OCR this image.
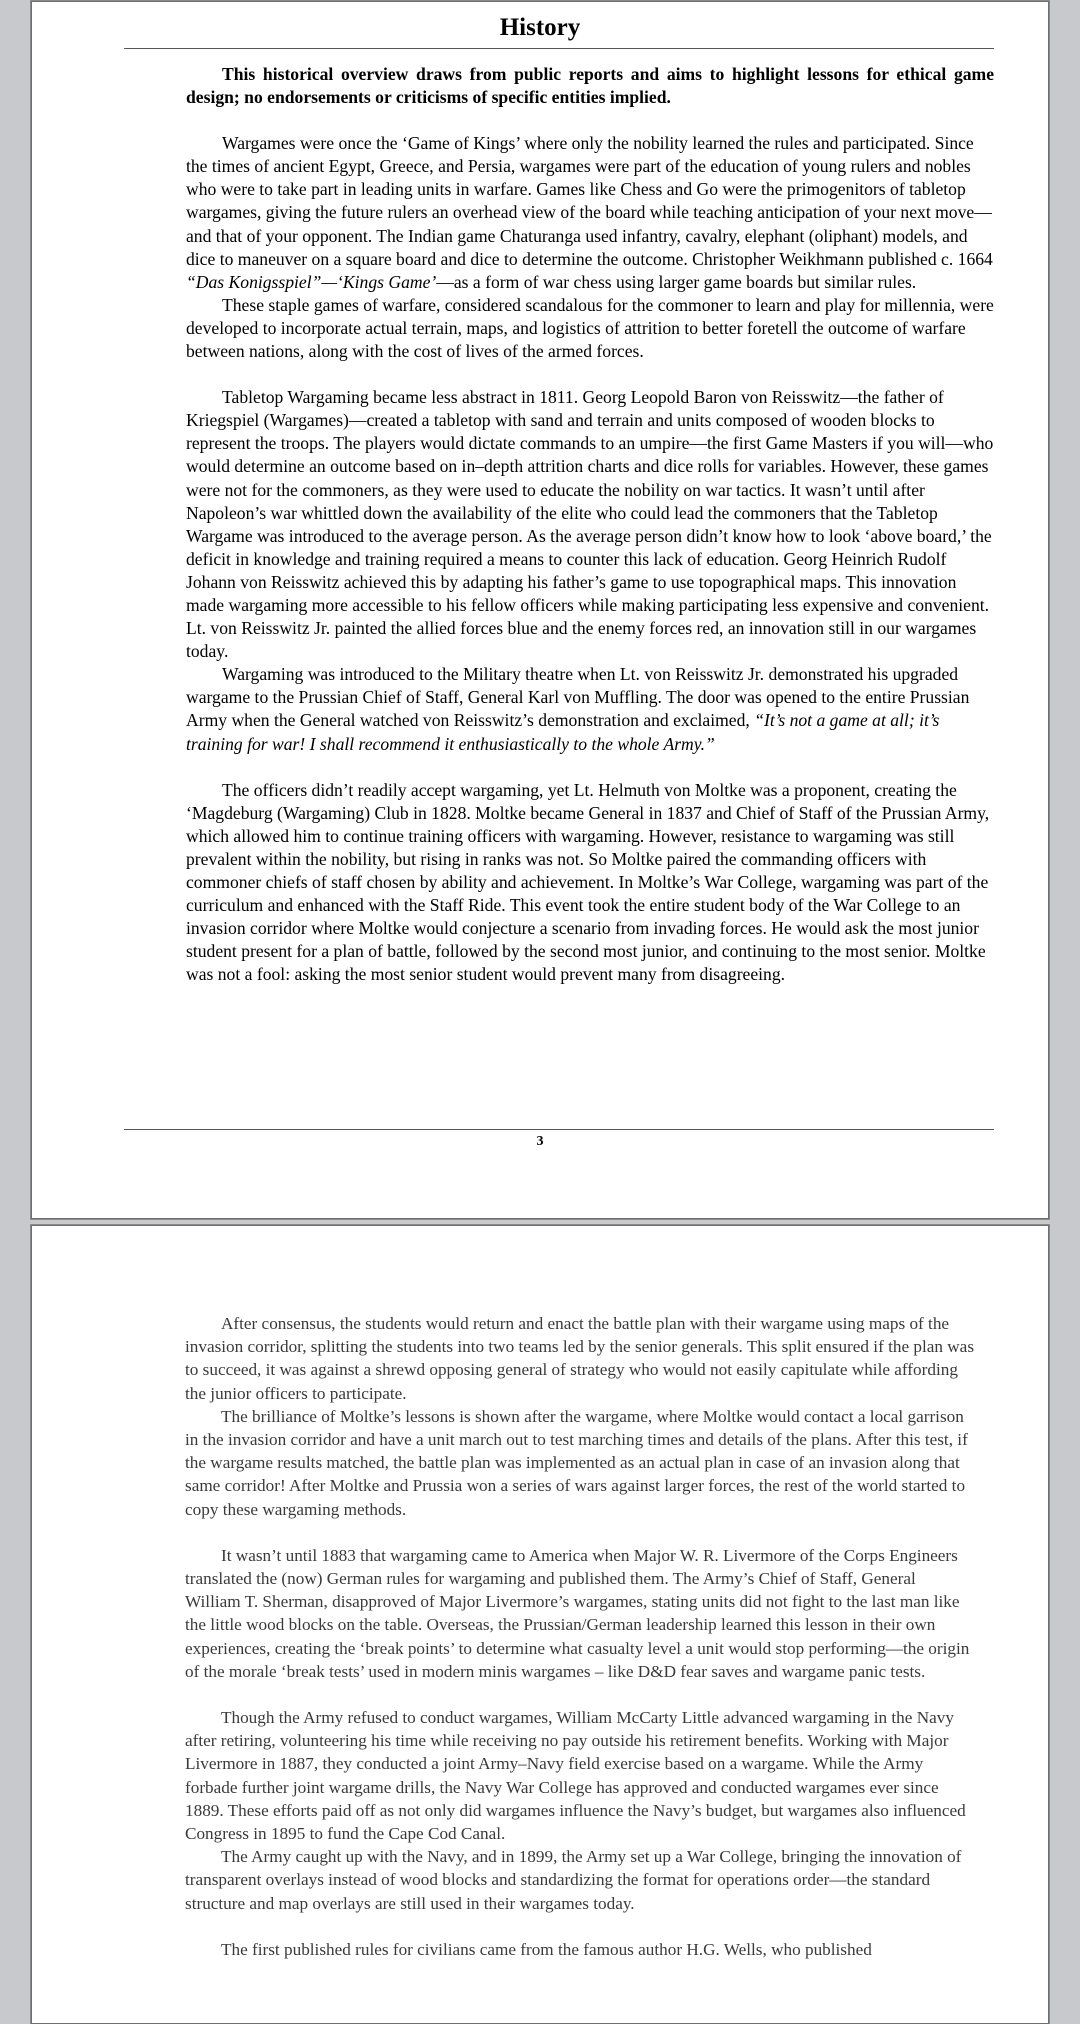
History

This historical overview draws from public reports and aims to highlight lessons for ethical game design; no endorsements or criticisms of specific entities implied.

Wargames were once the ‘Game of Kings’ where only the nobility learned the rules and participated. Since the times of ancient Egypt, Greece, and Persia, wargames were part of the education of young rulers and nobles who were to take part in leading units in warfare. Games like Chess and Go were the primogenitors of tabletop wargames, giving the future rulers an overhead view of the board while teaching anticipation of your next move—and that of your opponent. The Indian game Chaturanga used infantry, cavalry, elephant (oliphant) models, and dice to maneuver on a square board and dice to determine the outcome. Christopher Weikhmann published c. 1664 “Das Konigsspiel”—‘Kings Game’—as a form of war chess using larger game boards but similar rules.

These staple games of warfare, considered scandalous for the commoner to learn and play for millennia, were developed to incorporate actual terrain, maps, and logistics of attrition to better foretell the outcome of warfare between nations, along with the cost of lives of the armed forces.

Tabletop Wargaming became less abstract in 1811. Georg Leopold Baron von Reisswitz—the father of Kriegspiel (Wargames)—created a tabletop with sand and terrain and units composed of wooden blocks to represent the troops. The players would dictate commands to an umpire—the first Game Masters if you will—who would determine an outcome based on in–depth attrition charts and dice rolls for variables. However, these games were not for the commoners, as they were used to educate the nobility on war tactics. It wasn’t until after Napoleon’s war whittled down the availability of the elite who could lead the commoners that the Tabletop Wargame was introduced to the average person. As the average person didn’t know how to look ‘above board,’ the deficit in knowledge and training required a means to counter this lack of education. Georg Heinrich Rudolf Johann von Reisswitz achieved this by adapting his father’s game to use topographical maps. This innovation made wargaming more accessible to his fellow officers while making participating less expensive and convenient. Lt. von Reisswitz Jr. painted the allied forces blue and the enemy forces red, an innovation still in our wargames today.

Wargaming was introduced to the Military theatre when Lt. von Reisswitz Jr. demonstrated his upgraded wargame to the Prussian Chief of Staff, General Karl von Muffling. The door was opened to the entire Prussian Army when the General watched von Reisswitz’s demonstration and exclaimed, “It’s not a game at all; it’s training for war! I shall recommend it enthusiastically to the whole Army.”

The officers didn’t readily accept wargaming, yet Lt. Helmuth von Moltke was a proponent, creating the ‘Magdeburg (Wargaming) Club in 1828. Moltke became General in 1837 and Chief of Staff of the Prussian Army, which allowed him to continue training officers with wargaming. However, resistance to wargaming was still prevalent within the nobility, but rising in ranks was not. So Moltke paired the commanding officers with commoner chiefs of staff chosen by ability and achievement. In Moltke’s War College, wargaming was part of the curriculum and enhanced with the Staff Ride. This event took the entire student body of the War College to an invasion corridor where Moltke would conjecture a scenario from invading forces. He would ask the most junior student present for a plan of battle, followed by the second most junior, and continuing to the most senior. Moltke was not a fool: asking the most senior student would prevent many from disagreeing.

3

After consensus, the students would return and enact the battle plan with their wargame using maps of the invasion corridor, splitting the students into two teams led by the senior generals. This split ensured if the plan was to succeed, it was against a shrewd opposing general of strategy who would not easily capitulate while affording the junior officers to participate.

The brilliance of Moltke’s lessons is shown after the wargame, where Moltke would contact a local garrison in the invasion corridor and have a unit march out to test marching times and details of the plans. After this test, if the wargame results matched, the battle plan was implemented as an actual plan in case of an invasion along that same corridor! After Moltke and Prussia won a series of wars against larger forces, the rest of the world started to copy these wargaming methods.

It wasn’t until 1883 that wargaming came to America when Major W. R. Livermore of the Corps Engineers translated the (now) German rules for wargaming and published them. The Army’s Chief of Staff, General William T. Sherman, disapproved of Major Livermore’s wargames, stating units did not fight to the last man like the little wood blocks on the table. Overseas, the Prussian/German leadership learned this lesson in their own experiences, creating the ‘break points’ to determine what casualty level a unit would stop performing—the origin of the morale ‘break tests’ used in modern minis wargames – like D&D fear saves and wargame panic tests.

Though the Army refused to conduct wargames, William McCarty Little advanced wargaming in the Navy after retiring, volunteering his time while receiving no pay outside his retirement benefits. Working with Major Livermore in 1887, they conducted a joint Army–Navy field exercise based on a wargame. While the Army forbade further joint wargame drills, the Navy War College has approved and conducted wargames ever since 1889. These efforts paid off as not only did wargames influence the Navy’s budget, but wargames also influenced Congress in 1895 to fund the Cape Cod Canal.

The Army caught up with the Navy, and in 1899, the Army set up a War College, bringing the innovation of transparent overlays instead of wood blocks and standardizing the format for operations order—the standard structure and map overlays are still used in their wargames today.

The first published rules for civilians came from the famous author H.G. Wells, who published
